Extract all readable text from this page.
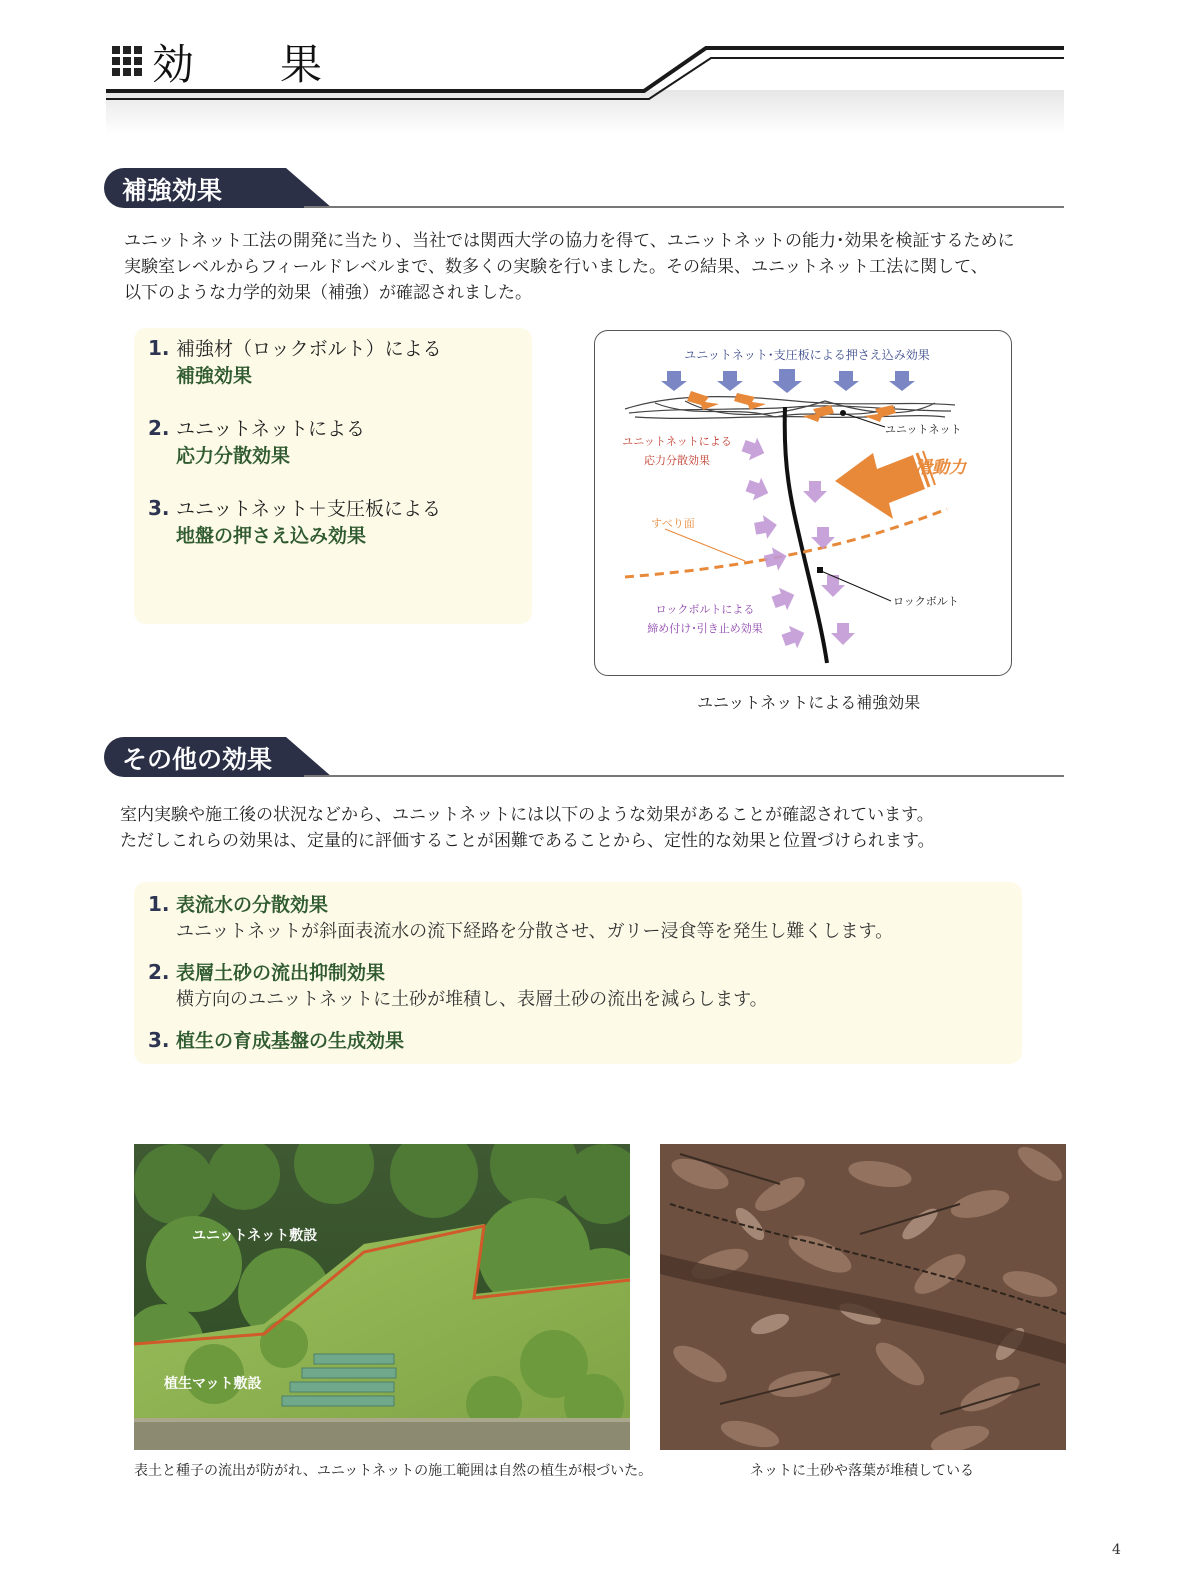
効　果
補強効果
ユニットネット工法の開発に当たり、当社では関西大学の協力を得て、ユニットネットの能力･効果を検証するために
実験室レベルからフィールドレベルまで、数多くの実験を行いました。その結果、ユニットネット工法に関して、
以下のような力学的効果（補強）が確認されました。
1. 補強材（ロックボルト）による
補強効果
2. ユニットネットによる
応力分散効果
3. ユニットネット＋支圧板による
地盤の押さえ込み効果
ユニットネット･支圧板による押さえ込み効果
滑動力
ユニットネット
ユニットネットによる
応力分散効果
すべり面
ロックボルト
ロックボルトによる
締め付け･引き止め効果
ユニットネットによる補強効果
その他の効果
室内実験や施工後の状況などから、ユニットネットには以下のような効果があることが確認されています。
ただしこれらの効果は、定量的に評価することが困難であることから、定性的な効果と位置づけられます。
1. 表流水の分散効果
ユニットネットが斜面表流水の流下経路を分散させ、ガリー浸食等を発生し難くします。
2. 表層土砂の流出抑制効果
横方向のユニットネットに土砂が堆積し、表層土砂の流出を減らします。
3. 植生の育成基盤の生成効果
ユニットネット敷設
植生マット敷設
表土と種子の流出が防がれ、ユニットネットの施工範囲は自然の植生が根づいた。	ネットに土砂や落葉が堆積している
4
